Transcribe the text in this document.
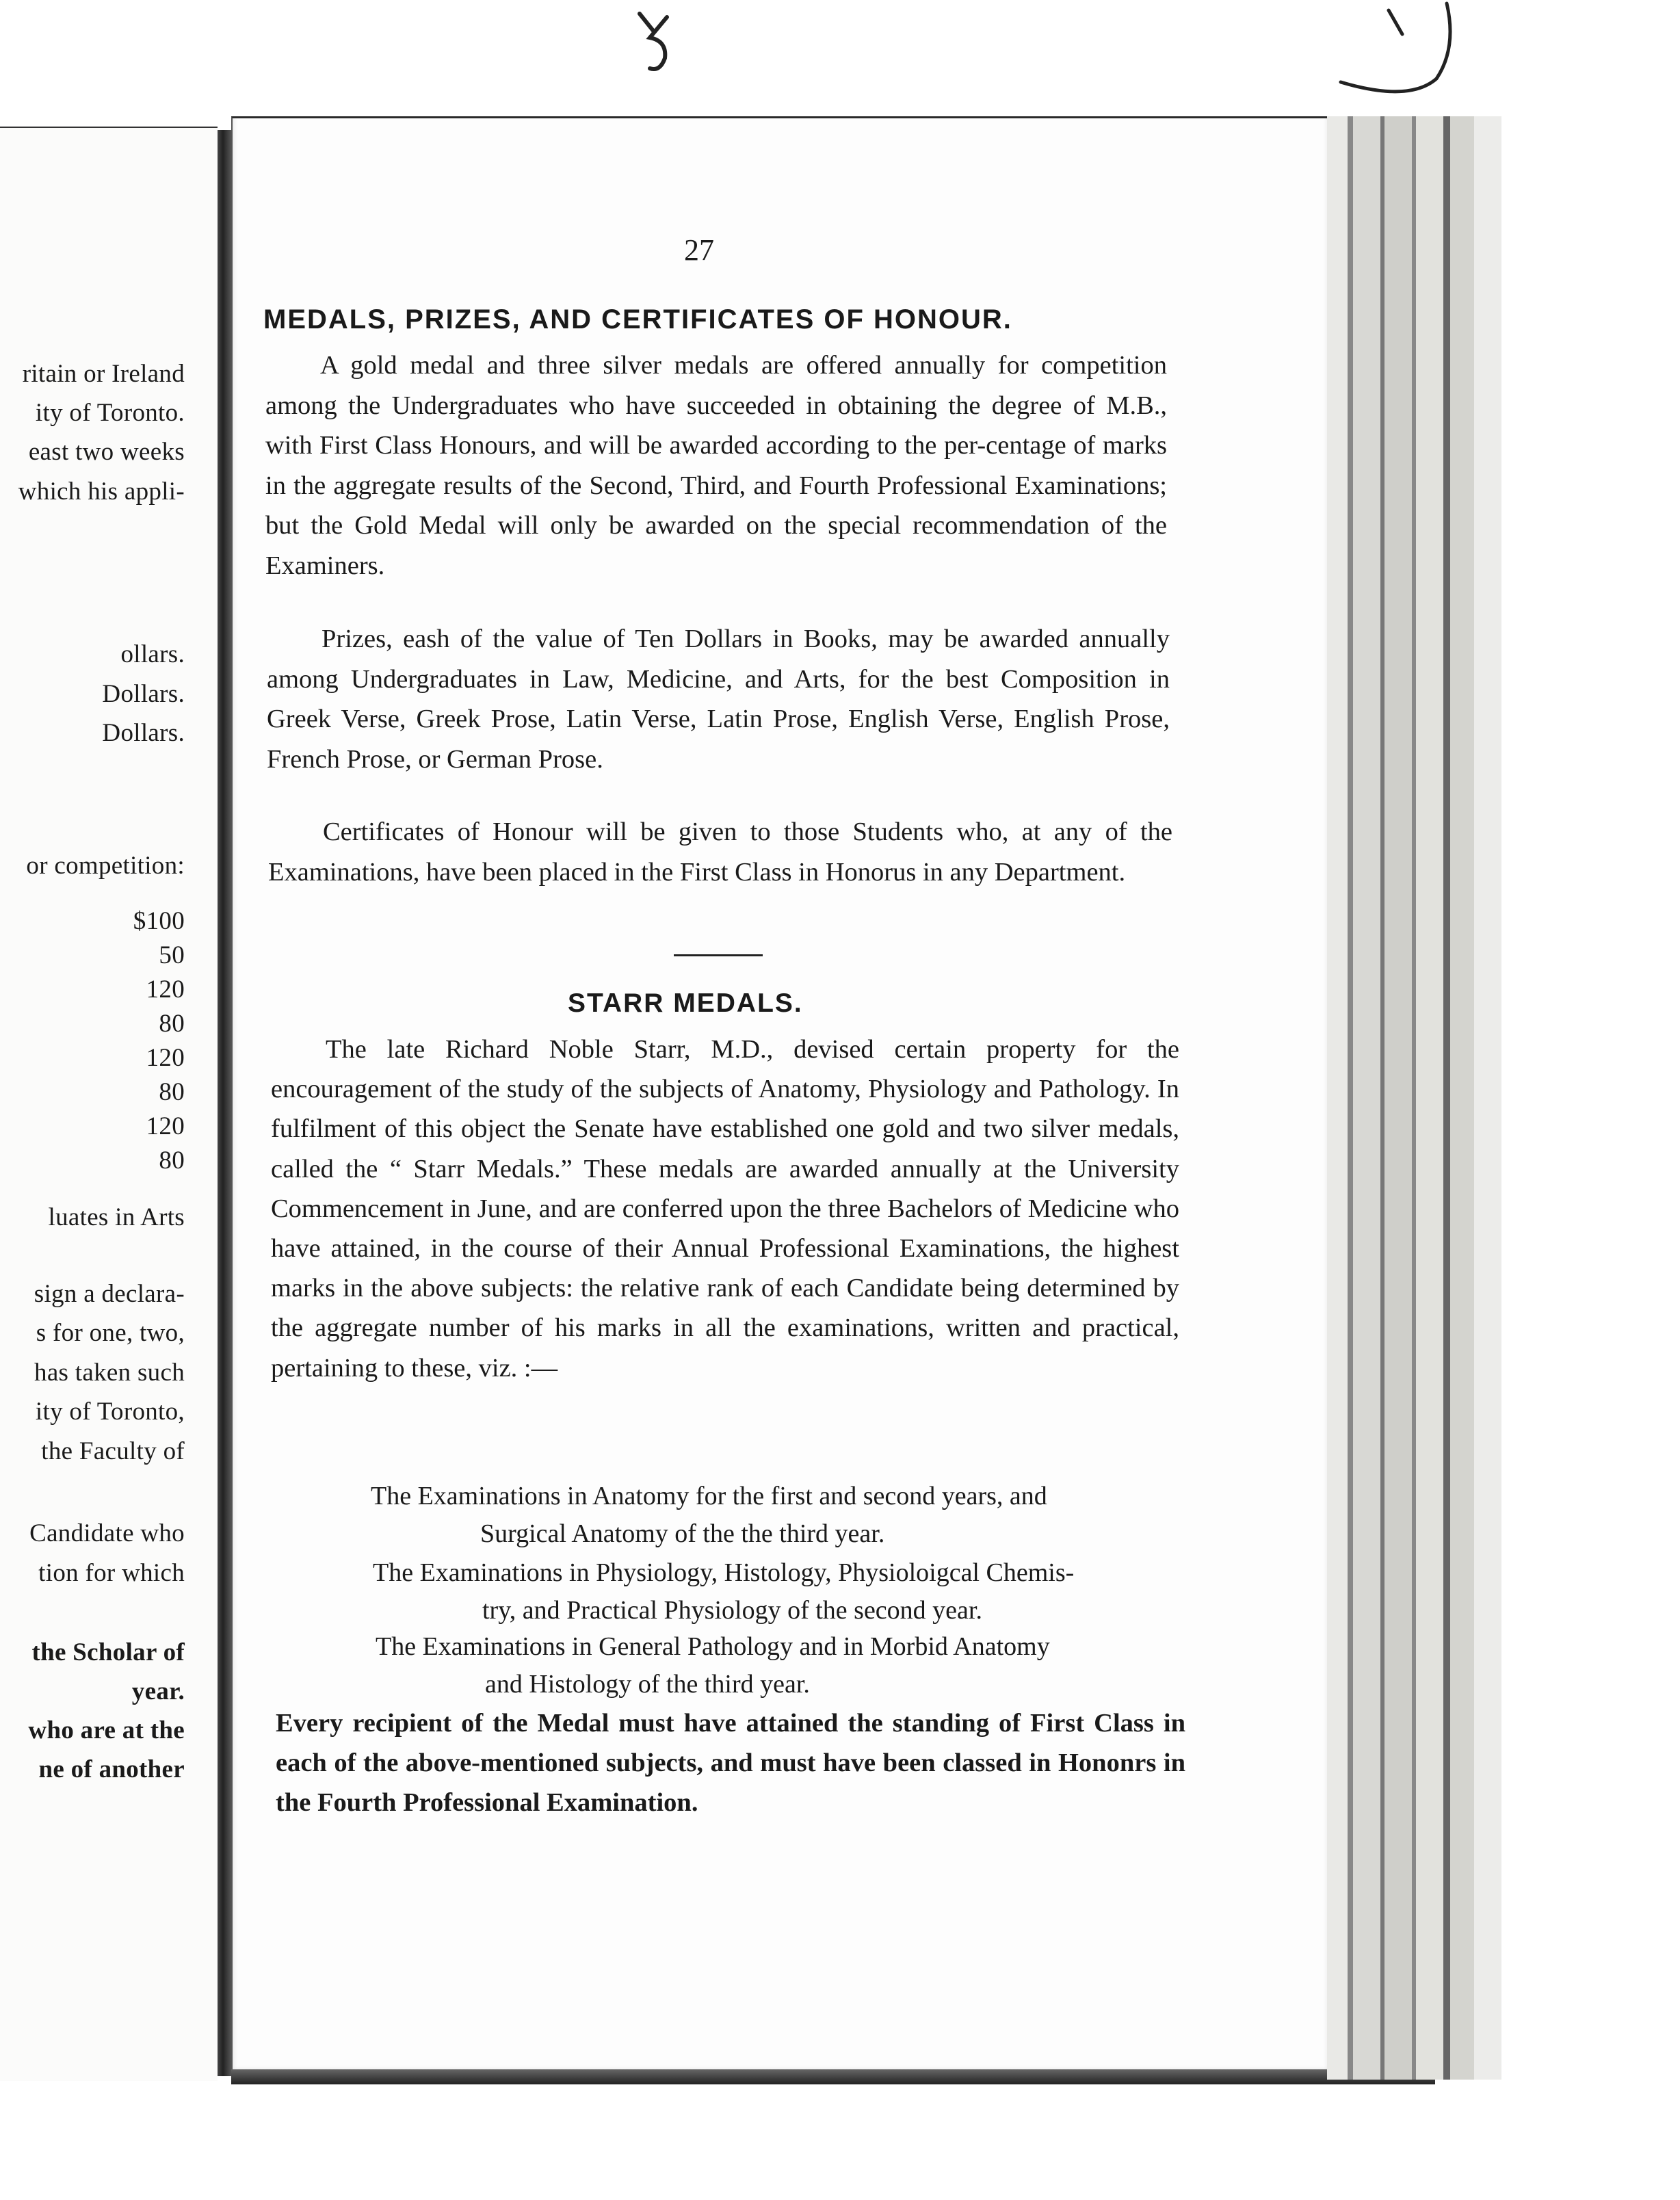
ritain or Ireland
ity of Toronto.
east two weeks
which his appli-
ollars.
Dollars.
Dollars.
or competition:
$100
50
120
80
120
80
120
80
luates in Arts
sign a declara-
s for one, two,
has taken such
ity of Toronto,
the Faculty of
Candidate who
tion for which
the Scholar of
year.
who are at the
ne of another
27
MEDALS, PRIZES, AND CERTIFICATES OF HONOUR.
A gold medal and three silver medals are offered annually for competition among the Undergraduates who have succeeded in obtaining the degree of M.B., with First Class Honours, and will be awarded according to the per-centage of marks in the aggregate results of the Second, Third, and Fourth Professional Examinations; but the Gold Medal will only be awarded on the special recommendation of the Examiners.
Prizes, eash of the value of Ten Dollars in Books, may be awarded annually among Undergraduates in Law, Medicine, and Arts, for the best Composition in Greek Verse, Greek Prose, Latin Verse, Latin Prose, English Verse, English Prose, French Prose, or German Prose.
Certificates of Honour will be given to those Students who, at any of the Examinations, have been placed in the First Class in Honorus in any Department.
STARR MEDALS.
The late Richard Noble Starr, M.D., devised certain property for the encouragement of the study of the subjects of Anatomy, Physiology and Pathology. In fulfilment of this object the Senate have established one gold and two silver medals, called the “ Starr Medals.” These medals are awarded annually at the University Commencement in June, and are conferred upon the three Bachelors of Medicine who have attained, in the course of their Annual Professional Examinations, the highest marks in the above subjects: the relative rank of each Candidate being determined by the aggregate number of his marks in all the examinations, written and practical, pertaining to these, viz. :—
The Examinations in Anatomy for the first and second years, and
Surgical Anatomy of the the third year.
The Examinations in Physiology, Histology, Physioloigcal Chemis-
try, and Practical Physiology of the second year.
The Examinations in General Pathology and in Morbid Anatomy
and Histology of the third year.
Every recipient of the Medal must have attained the standing of First Class in each of the above-mentioned subjects, and must have been classed in Hononrs in the Fourth Professional Examination.
